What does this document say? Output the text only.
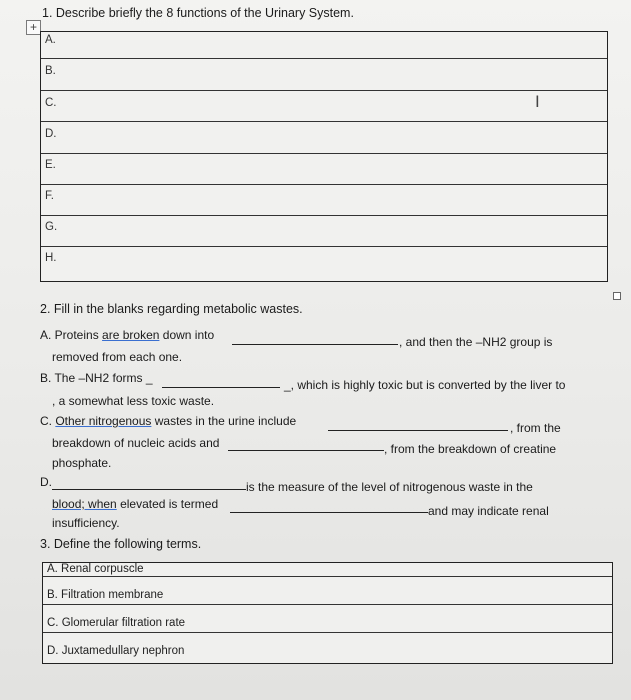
1. Describe briefly the 8 functions of the Urinary System.
+
A.
B.
C.
D.
E.
F.
G.
H.
I
2. Fill in the blanks regarding metabolic wastes.
A. Proteins are broken down into	, and then the –NH2 group is
removed from each one.
B. The –NH2 forms _	_, which is highly toxic but is converted by the liver to
, a somewhat less toxic waste.
C. Other nitrogenous wastes in the urine include	, from the
breakdown of nucleic acids and	, from the breakdown of creatine
phosphate.
D.	is the measure of the level of nitrogenous waste in the
blood; when elevated is termed	and may indicate renal
insufficiency.
3. Define the following terms.
A. Renal corpuscle
B. Filtration membrane
C. Glomerular filtration rate
D. Juxtamedullary nephron
